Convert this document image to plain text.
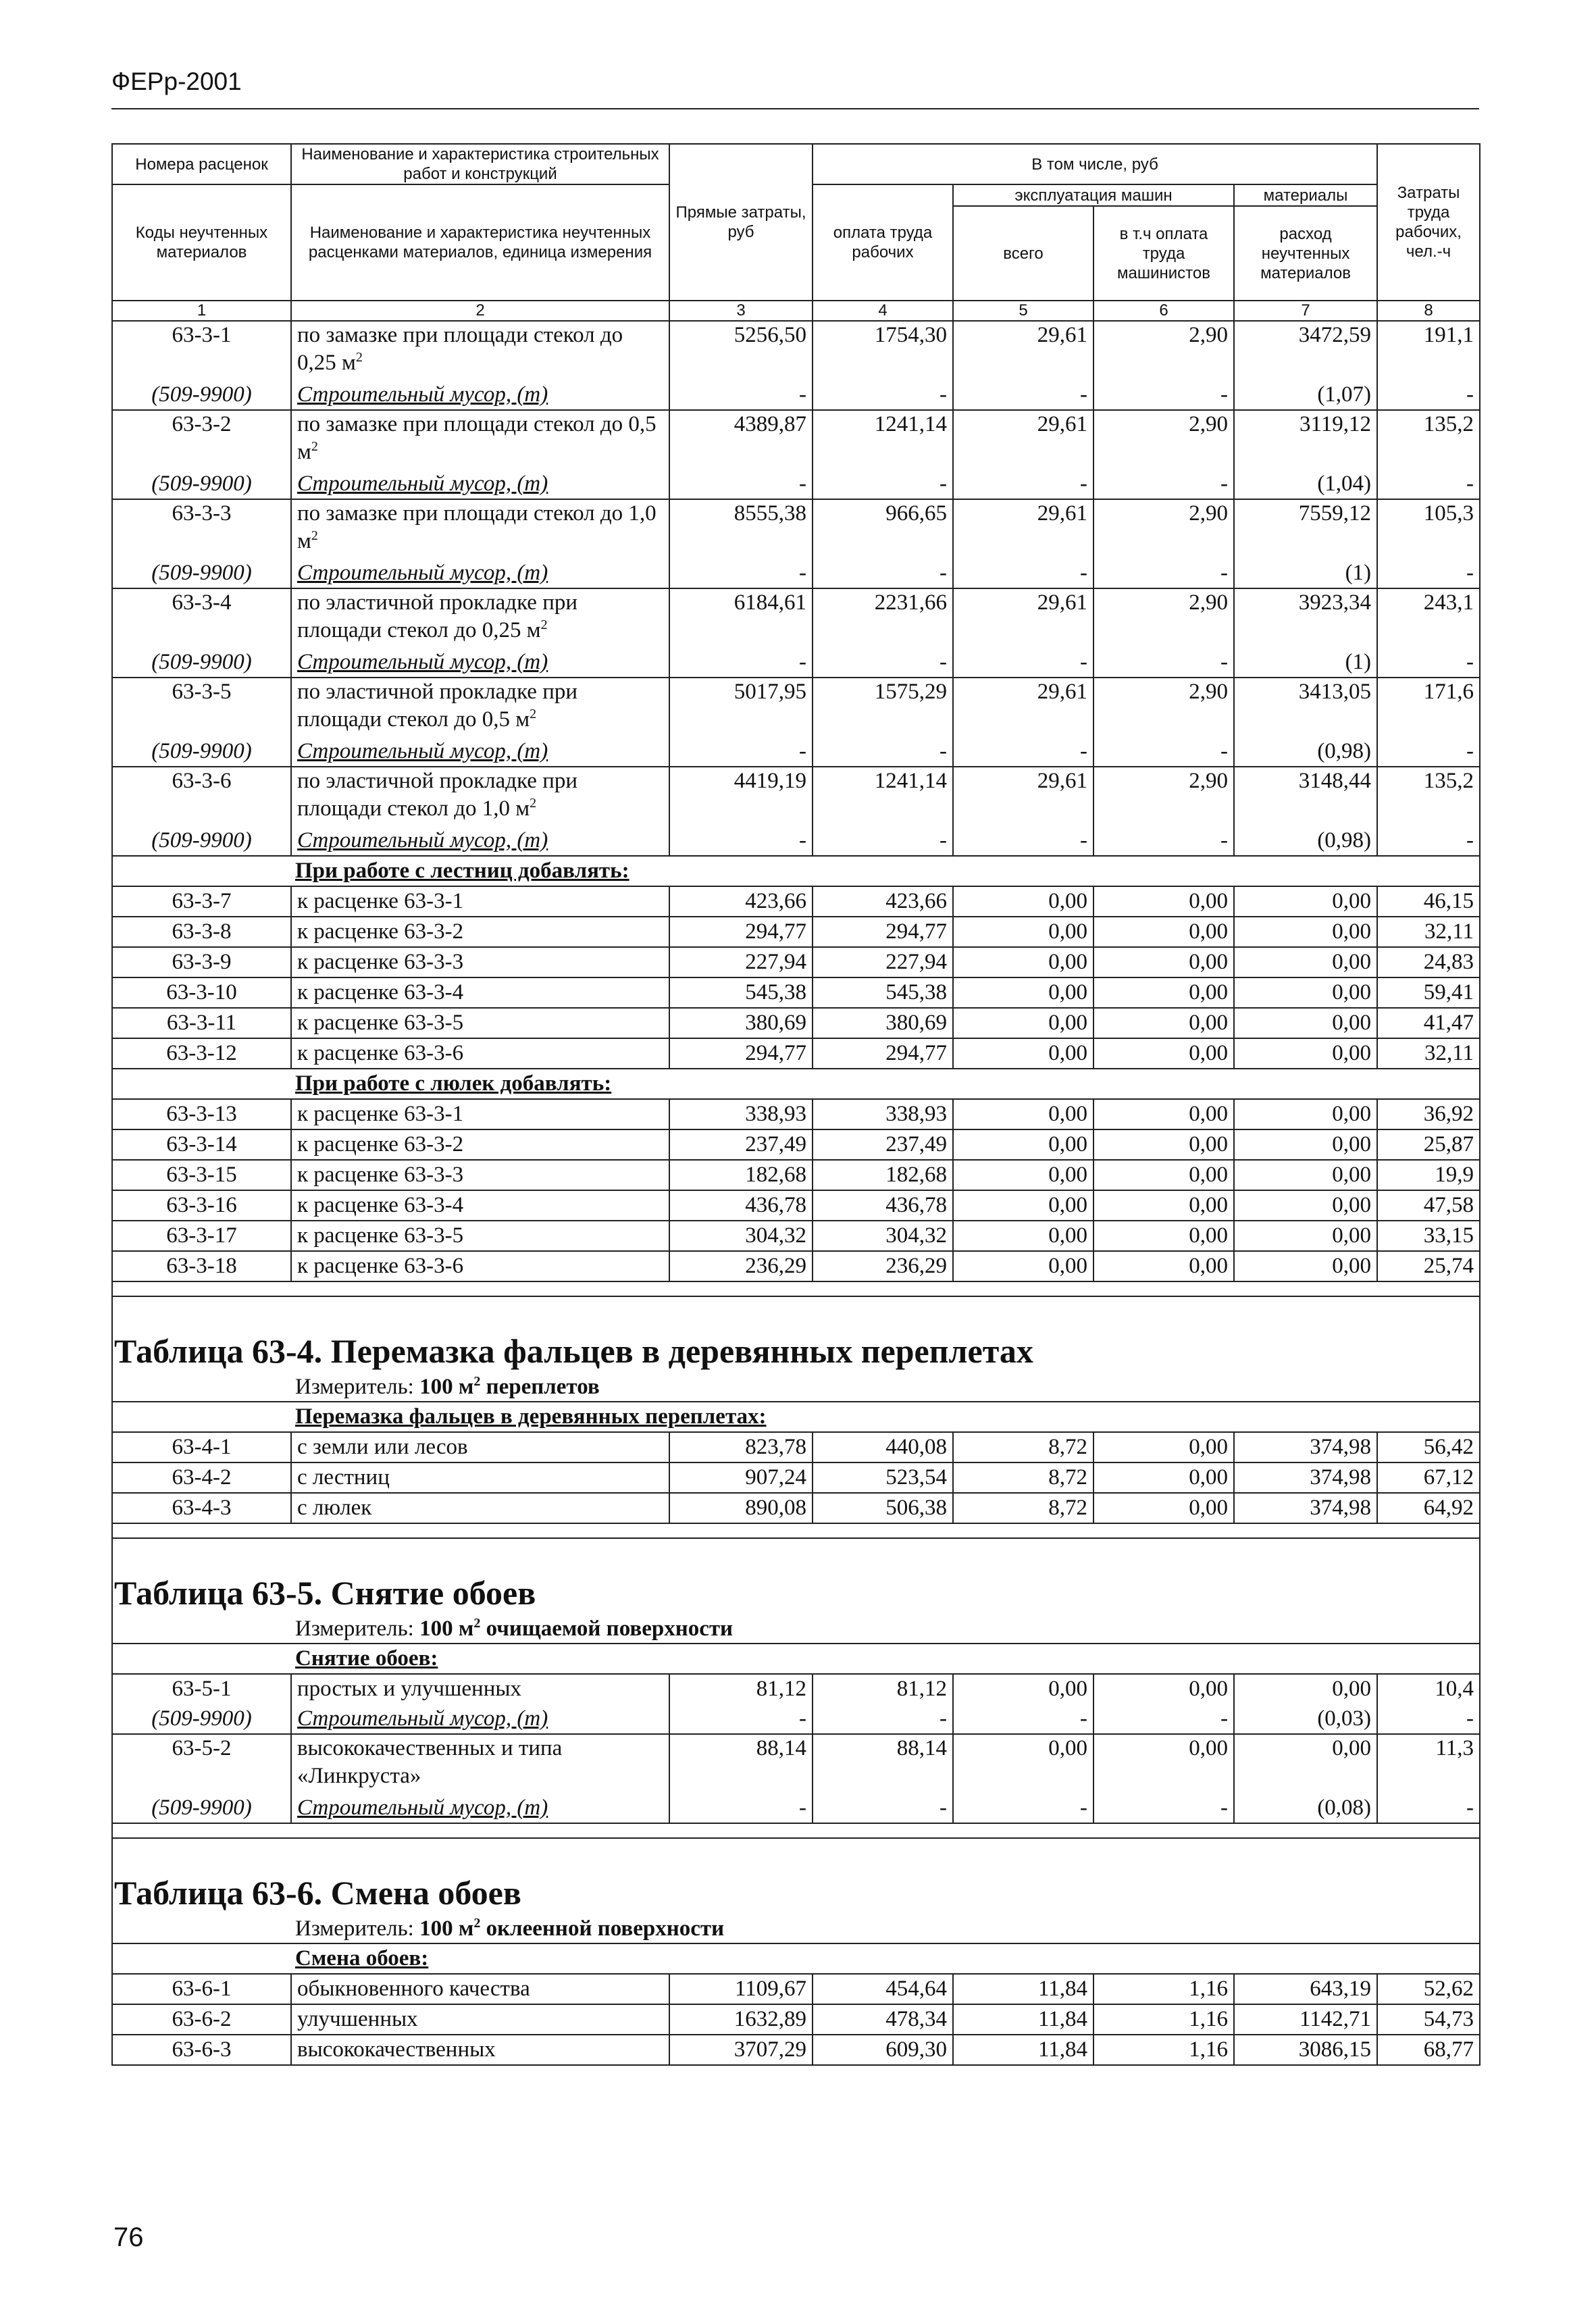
ФЕРр-2001
Номера расценок	Наименование и характеристика строительных работ и конструкций	Прямые затраты, руб	В том числе, руб				Затраты труда рабочих, чел.-ч
Коды неучтенных материалов	Наименование и характеристика неучтенных расценками материалов, единица измерения		оплата труда рабочих	эксплуатация машин		материалы	
				всего	в т.ч оплата труда машинистов	расход неучтенных материалов	
1	2	3	4	5	6	7	8
63-3-1	по замазке при площади стекол до 0,25 $м^2$	5256,50	1754,30	29,61	2,90	3472,59	191,1

(509-9900)	Строительный мусор, (т)	-	-	-	-	(1,07)	-
63-3-2	по замазке при площади стекол до 0,5 $м^2$	4389,87	1241,14	29,61	2,90	3119,12	135,2

(509-9900)	Строительный мусор, (т)	-	-	-	-	(1,04)	-
63-3-3	по замазке при площади стекол до 1,0 $м^2$	8555,38	966,65	29,61	2,90	7559,12	105,3

(509-9900)	Строительный мусор, (т)	-	-	-	-	(1)	-
63-3-4	по эластичной прокладке при площади стекол до 0,25 $м^2$	6184,61	2231,66	29,61	2,90	3923,34	243,1

(509-9900)	Строительный мусор, (т)	-	-	-	-	(1)	-
63-3-5	по эластичной прокладке при площади стекол до 0,5 $м^2$	5017,95	1575,29	29,61	2,90	3413,05	171,6

(509-9900)	Строительный мусор, (т)	-	-	-	-	(0,98)	-
63-3-6	по эластичной прокладке при площади стекол до 1,0 $м^2$	4419,19	1241,14	29,61	2,90	3148,44	135,2

(509-9900)	Строительный мусор, (т)	-	-	-	-	(0,98)	-
При работе с лестниц добавлять:							
63-3-7	к расценке 63-3-1	423,66	423,66	0,00	0,00	0,00	46,15
63-3-8	к расценке 63-3-2	294,77	294,77	0,00	0,00	0,00	32,11
63-3-9	к расценке 63-3-3	227,94	227,94	0,00	0,00	0,00	24,83
63-3-10	к расценке 63-3-4	545,38	545,38	0,00	0,00	0,00	59,41
63-3-11	к расценке 63-3-5	380,69	380,69	0,00	0,00	0,00	41,47
63-3-12	к расценке 63-3-6	294,77	294,77	0,00	0,00	0,00	32,11
При работе с люлек добавлять:							
63-3-13	к расценке 63-3-1	338,93	338,93	0,00	0,00	0,00	36,92
63-3-14	к расценке 63-3-2	237,49	237,49	0,00	0,00	0,00	25,87
63-3-15	к расценке 63-3-3	182,68	182,68	0,00	0,00	0,00	19,9
63-3-16	к расценке 63-3-4	436,78	436,78	0,00	0,00	0,00	47,58
63-3-17	к расценке 63-3-5	304,32	304,32	0,00	0,00	0,00	33,15
63-3-18	к расценке 63-3-6	236,29	236,29	0,00	0,00	0,00	25,74

Таблица 63-4. Перемазка фальцев в деревянных переплетах							
Измеритель: 100 $м^2$ переплетов							
Перемазка фальцев в деревянных переплетах:							
63-4-1	с земли или лесов	823,78	440,08	8,72	0,00	374,98	56,42
63-4-2	с лестниц	907,24	523,54	8,72	0,00	374,98	67,12
63-4-3	с люлек	890,08	506,38	8,72	0,00	374,98	64,92

Таблица 63-5. Снятие обоев							
Измеритель: 100 $м^2$ очищаемой поверхности							
Снятие обоев:							
63-5-1	простых и улучшенных	81,12	81,12	0,00	0,00	0,00	10,4
(509-9900)	Строительный мусор, (т)	-	-	-	-	(0,03)	-
63-5-2	высококачественных и типа «Линкруста»	88,14	88,14	0,00	0,00	0,00	11,3

(509-9900)	Строительный мусор, (т)	-	-	-	-	(0,08)	-

Таблица 63-6. Смена обоев							
Измеритель: 100 $м^2$ оклеенной поверхности							
Смена обоев:							
63-6-1	обыкновенного качества	1109,67	454,64	11,84	1,16	643,19	52,62
63-6-2	улучшенных	1632,89	478,34	11,84	1,16	1142,71	54,73
63-6-3	высококачественных	3707,29	609,30	11,84	1,16	3086,15	68,77
76
